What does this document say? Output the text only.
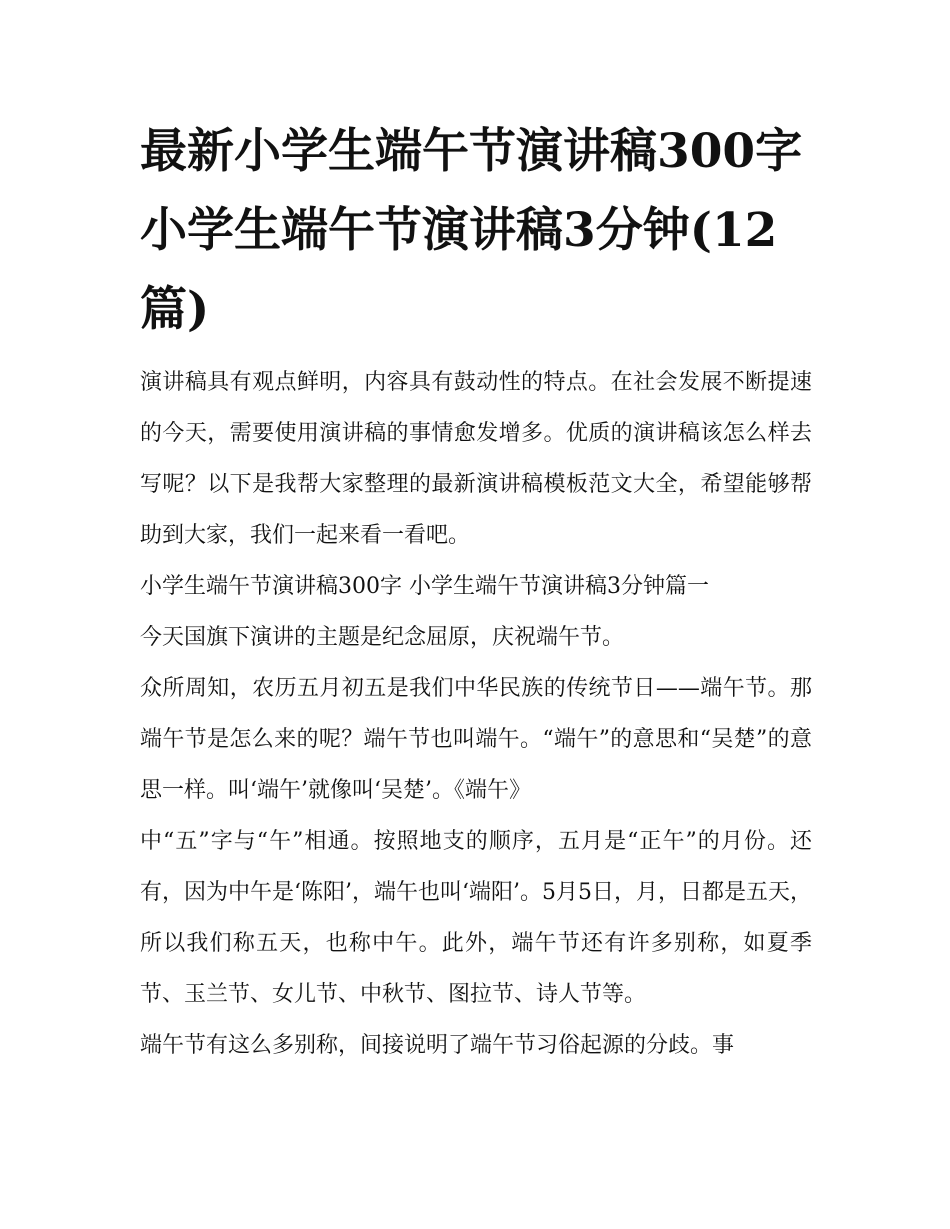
最新小学生端午节演讲稿300字 小学生端午节演讲稿3分钟(12篇)

演讲稿具有观点鲜明，内容具有鼓动性的特点。在社会发展不断提速的今天，需要使用演讲稿的事情愈发增多。优质的演讲稿该怎么样去写呢？以下是我帮大家整理的最新演讲稿模板范文大全，希望能够帮助到大家，我们一起来看一看吧。

小学生端午节演讲稿300字 小学生端午节演讲稿3分钟篇一

今天国旗下演讲的主题是纪念屈原，庆祝端午节。

众所周知，农历五月初五是我们中华民族的传统节日——端午节。那端午节是怎么来的呢？端午节也叫端午。“端午”的意思和“吴楚”的意思一样。叫‘端午’就像叫‘吴楚’。《端午》

中“五”字与“午”相通。按照地支的顺序，五月是“正午”的月份。还有，因为中午是‘陈阳’，端午也叫‘端阳’。5月5日，月，日都是五天，所以我们称五天，也称中午。此外，端午节还有许多别称，如夏季节、玉兰节、女儿节、中秋节、图拉节、诗人节等。

端午节有这么多别称，间接说明了端午节习俗起源的分歧。事
